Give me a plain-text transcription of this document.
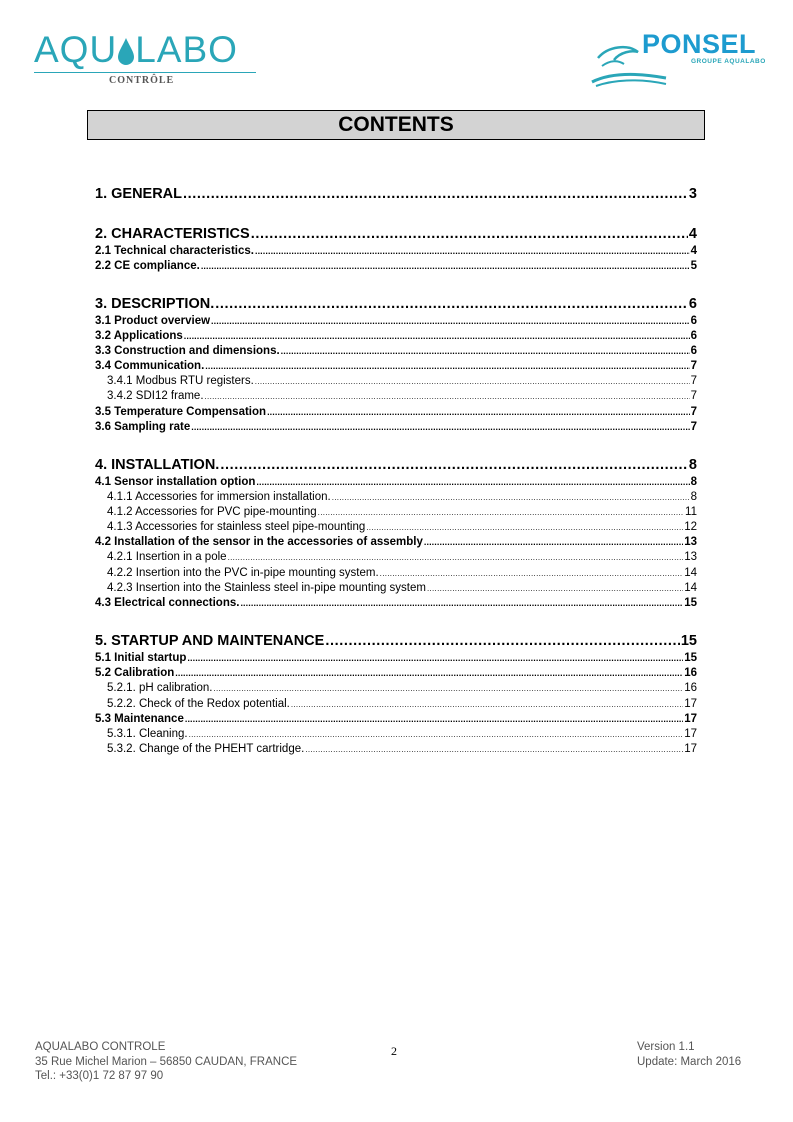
AQU LABO
CONTRÔLE
PONSEL
GROUPE AQUALABO
CONTENTS
1. GENERAL .....	3
2. CHARACTERISTICS .....	4
2.1 Technical characteristics. .....	4
2.2 CE compliance. .....	5
3. DESCRIPTION. .....	6
3.1 Product overview .....	6
3.2 Applications .....	6
3.3 Construction and dimensions. .....	6
3.4 Communication. .....	7
3.4.1 Modbus RTU registers. .....	7
3.4.2 SDI12 frame. .....	7
3.5 Temperature Compensation .....	7
3.6 Sampling rate .....	7
4. INSTALLATION. .....	8
4.1 Sensor installation option .....	8
4.1.1 Accessories for immersion installation. .....	8
4.1.2 Accessories for PVC pipe-mounting .....	11
4.1.3 Accessories for stainless steel pipe-mounting .....	12
4.2 Installation of the sensor in the accessories of assembly .....	13
4.2.1 Insertion in a pole .....	13
4.2.2 Insertion into the PVC in-pipe mounting system. .....	14
4.2.3 Insertion into the Stainless steel in-pipe mounting system .....	14
4.3 Electrical connections. .....	15
5. STARTUP AND MAINTENANCE .....	15
5.1 Initial startup .....	15
5.2 Calibration .....	16
5.2.1. pH calibration. .....	16
5.2.2. Check of the Redox potential. .....	17
5.3 Maintenance .....	17
5.3.1. Cleaning. .....	17
5.3.2. Change of the PHEHT cartridge. .....	17
AQUALABO CONTROLE
35 Rue Michel Marion – 56850 CAUDAN, FRANCE
Tel.: +33(0)1 72 87 97 90
2	Version 1.1
Update: March 2016
